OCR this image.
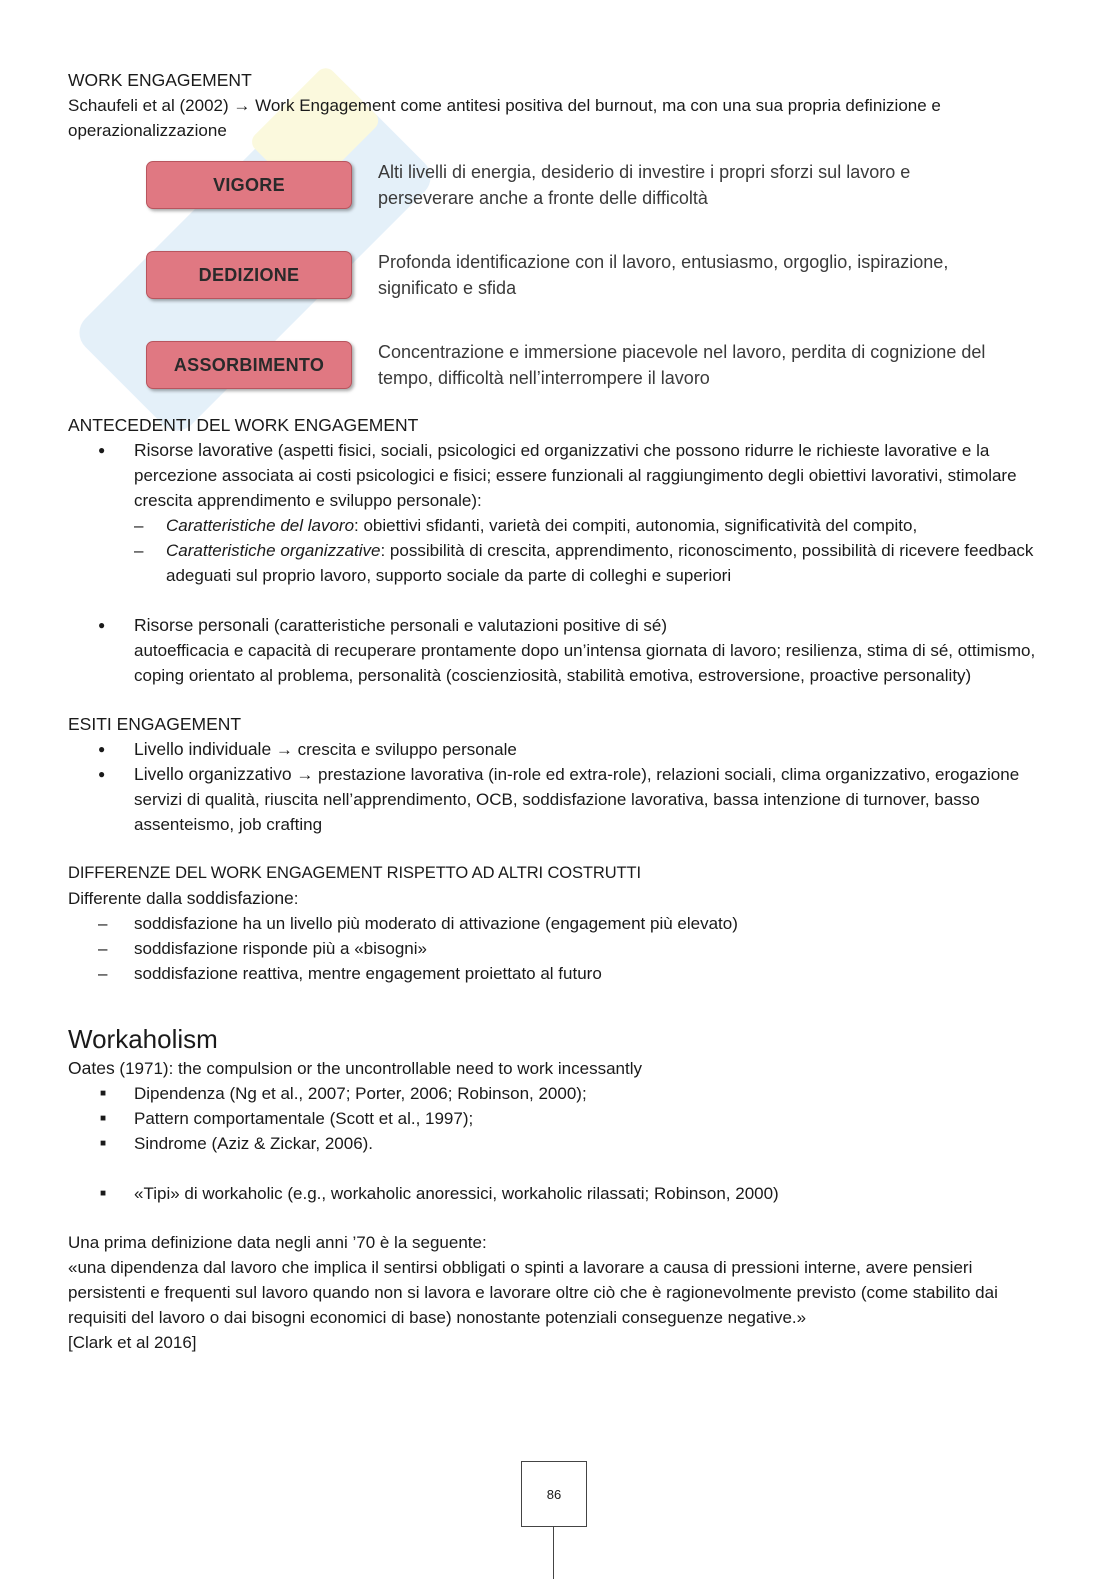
WORK ENGAGEMENT

Schaufeli et al (2002) → Work Engagement come antitesi positiva del burnout, ma con una sua propria definizione e operazionalizzazione

VIGORE
Alti livelli di energia, desiderio di investire i propri sforzi sul lavoro e perseverare anche a fronte delle difficoltà
DEDIZIONE
Profonda identificazione con il lavoro, entusiasmo, orgoglio, ispirazione, significato e sfida
ASSORBIMENTO
Concentrazione e immersione piacevole nel lavoro, perdita di cognizione del tempo, difficoltà nell’interrompere il lavoro

ANTECEDENTI DEL WORK ENGAGEMENT

● Risorse lavorative (aspetti fisici, sociali, psicologici ed organizzativi che possono ridurre le richieste lavorative e la percezione associata ai costi psicologici e fisici; essere funzionali al raggiungimento degli obiettivi lavorativi, stimolare crescita apprendimento e sviluppo personale):
– Caratteristiche del lavoro: obiettivi sfidanti, varietà dei compiti, autonomia, significatività del compito,
– Caratteristiche organizzative: possibilità di crescita, apprendimento, riconoscimento, possibilità di ricevere feedback adeguati sul proprio lavoro, supporto sociale da parte di colleghi e superiori
● Risorse personali (caratteristiche personali e valutazioni positive di sé)
autoefficacia e capacità di recuperare prontamente dopo un’intensa giornata di lavoro; resilienza, stima di sé, ottimismo, coping orientato al problema, personalità (coscienziosità, stabilità emotiva, estroversione, proactive personality)

ESITI ENGAGEMENT

● Livello individuale → crescita e sviluppo personale
● Livello organizzativo → prestazione lavorativa (in-role ed extra-role), relazioni sociali, clima organizzativo, erogazione servizi di qualità, riuscita nell’apprendimento, OCB, soddisfazione lavorativa, bassa intenzione di turnover, basso assenteismo, job crafting

DIFFERENZE DEL WORK ENGAGEMENT RISPETTO AD ALTRI COSTRUTTI

Differente dalla soddisfazione:

– soddisfazione ha un livello più moderato di attivazione (engagement più elevato)
– soddisfazione risponde più a «bisogni»
– soddisfazione reattiva, mentre engagement proiettato al futuro

Workaholism

Oates (1971): the compulsion or the uncontrollable need to work incessantly

■ Dipendenza (Ng et al., 2007; Porter, 2006; Robinson, 2000);
■ Pattern comportamentale (Scott et al., 1997);
■ Sindrome (Aziz & Zickar, 2006).
■ «Tipi» di workaholic (e.g., workaholic anoressici, workaholic rilassati; Robinson, 2000)

Una prima definizione data negli anni ’70 è la seguente:

«una dipendenza dal lavoro che implica il sentirsi obbligati o spinti a lavorare a causa di pressioni interne, avere pensieri persistenti e frequenti sul lavoro quando non si lavora e lavorare oltre ciò che è ragionevolmente previsto (come stabilito dai requisiti del lavoro o dai bisogni economici di base) nonostante potenziali conseguenze negative.»

[Clark et al 2016]

86
